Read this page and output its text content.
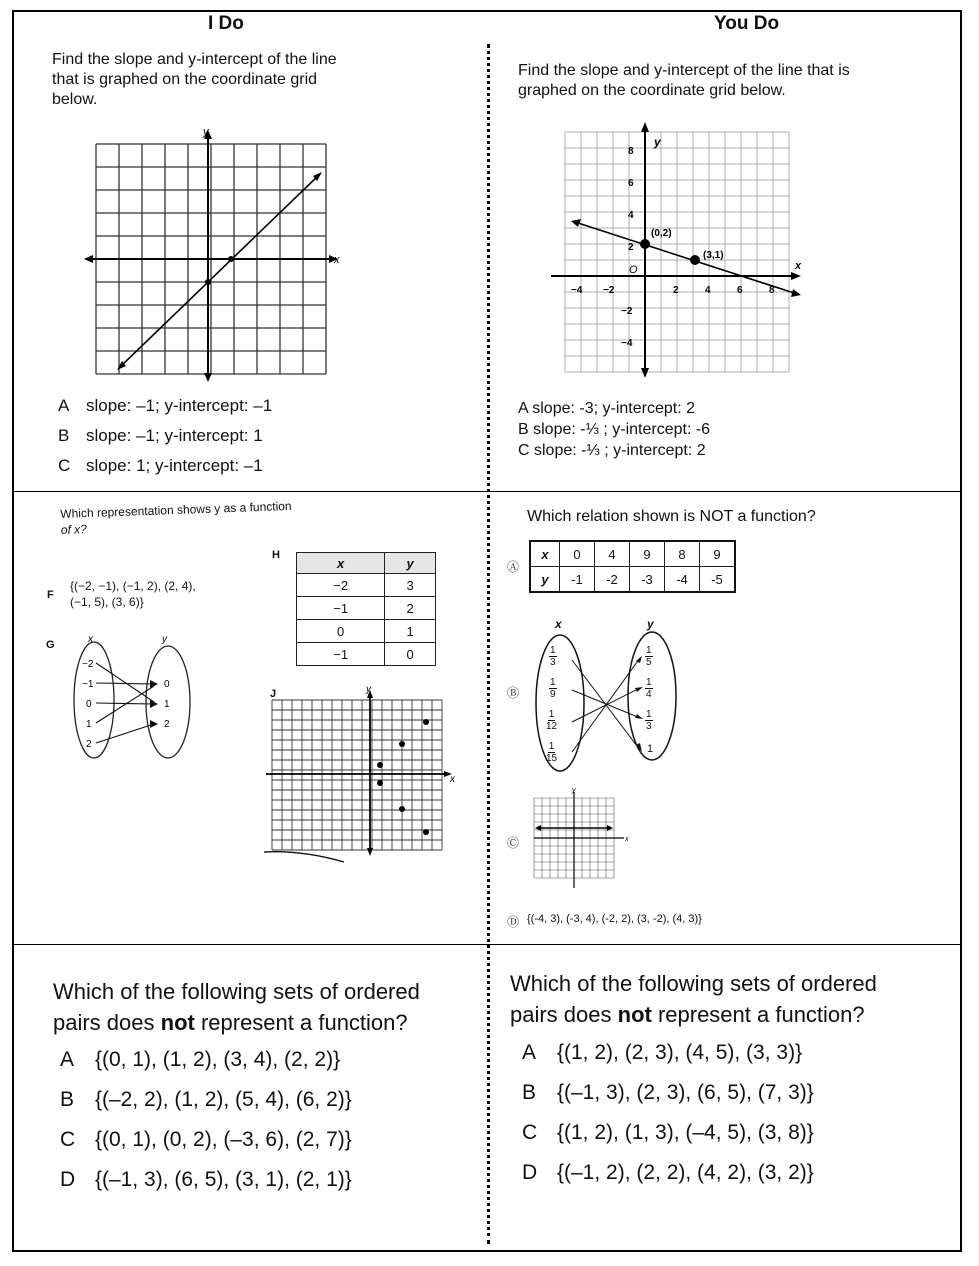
I Do	You Do
Find the slope and y-intercept of the line
that is graphed on the coordinate grid
below.
x
y
A slope: –1; y-intercept: –1
B slope: –1; y-intercept: 1
C slope: 1; y-intercept: –1
Find the slope and y-intercept of the line that is
graphed on the coordinate grid below.
x
y
O
8
6
4
2
−2
−4
−4 −2	2	4	6	8
(0,2)
(3,1)
A slope: -3; y-intercept: 2
B slope: -⅓ ; y-intercept: -6
C slope: -⅓ ; y-intercept: 2
Which representation shows y as a function
of x?
F
{(−2, −1), (−1, 2), (2, 4),
(−1, 5), (3, 6)}
G	x	y
−2
−1
0
1
2
0
1
2
H
x	y
−2	3
−1	2
0	1
−1	0
J
x
y
Which relation shown is NOT a function?
Ⓐ
x	0	4	9	8	9
y	-1	-2	-3	-4	-5
Ⓑ
x	y
$\frac{1}{3}$
$\frac{1}{9}$
$\frac{1}{12}$
$\frac{1}{15}$
$\frac{1}{5}$
$\frac{1}{4}$
$\frac{1}{3}$
1
Ⓒ	x
y
Ⓓ {(-4, 3), (-3, 4), (-2, 2), (3, -2), (4, 3)}
Which of the following sets of ordered
pairs does not represent a function?
A {(0, 1), (1, 2), (3, 4), (2, 2)}
B {(–2, 2), (1, 2), (5, 4), (6, 2)}
C {(0, 1), (0, 2), (–3, 6), (2, 7)}
D {(–1, 3), (6, 5), (3, 1), (2, 1)}
Which of the following sets of ordered
pairs does not represent a function?
A {(1, 2), (2, 3), (4, 5), (3, 3)}
B {(–1, 3), (2, 3), (6, 5), (7, 3)}
C {(1, 2), (1, 3), (–4, 5), (3, 8)}
D {(–1, 2), (2, 2), (4, 2), (3, 2)}
